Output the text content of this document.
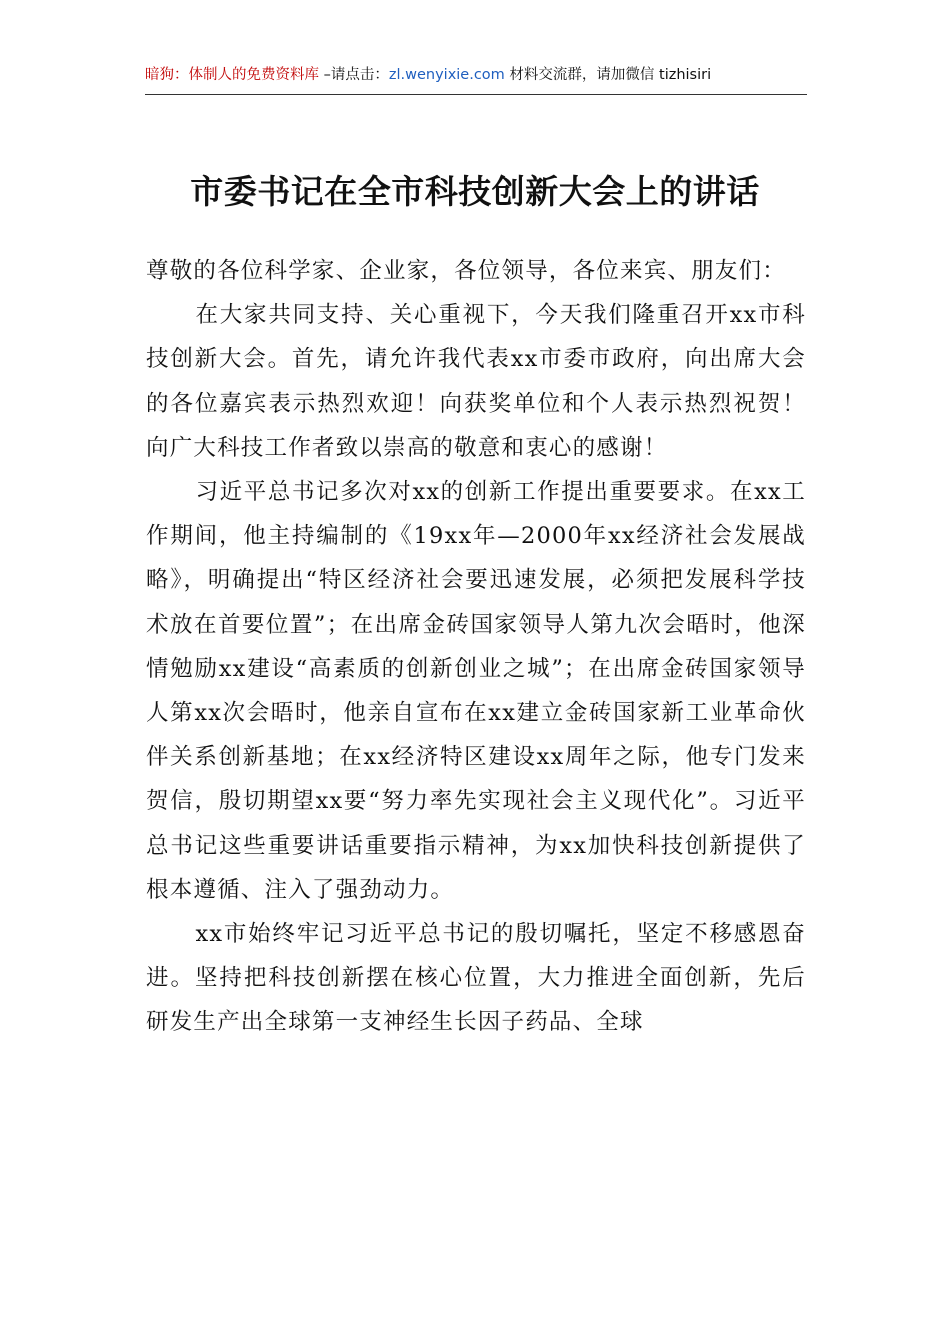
暗狗：体制人的免费资料库 –请点击：zl.wenyixie.com 材料交流群，请加微信 tizhisiri
市委书记在全市科技创新大会上的讲话

尊敬的各位科学家、企业家，各位领导，各位来宾、朋友们：

在大家共同支持、关心重视下，今天我们隆重召开xx市科技创新大会。首先，请允许我代表xx市委市政府，向出席大会的各位嘉宾表示热烈欢迎！向获奖单位和个人表示热烈祝贺！向广大科技工作者致以崇高的敬意和衷心的感谢！

习近平总书记多次对xx的创新工作提出重要要求。在xx工作期间，他主持编制的《19xx年—2000年xx经济社会发展战略》，明确提出“特区经济社会要迅速发展，必须把发展科学技术放在首要位置”；在出席金砖国家领导人第九次会晤时，他深情勉励xx建设“高素质的创新创业之城”；在出席金砖国家领导人第xx次会晤时，他亲自宣布在xx建立金砖国家新工业革命伙伴关系创新基地；在xx经济特区建设xx周年之际，他专门发来贺信，殷切期望xx要“努力率先实现社会主义现代化”。习近平总书记这些重要讲话重要指示精神，为xx加快科技创新提供了根本遵循、注入了强劲动力。

xx市始终牢记习近平总书记的殷切嘱托，坚定不移感恩奋进。坚持把科技创新摆在核心位置，大力推进全面创新，先后研发生产出全球第一支神经生长因子药品、全球
